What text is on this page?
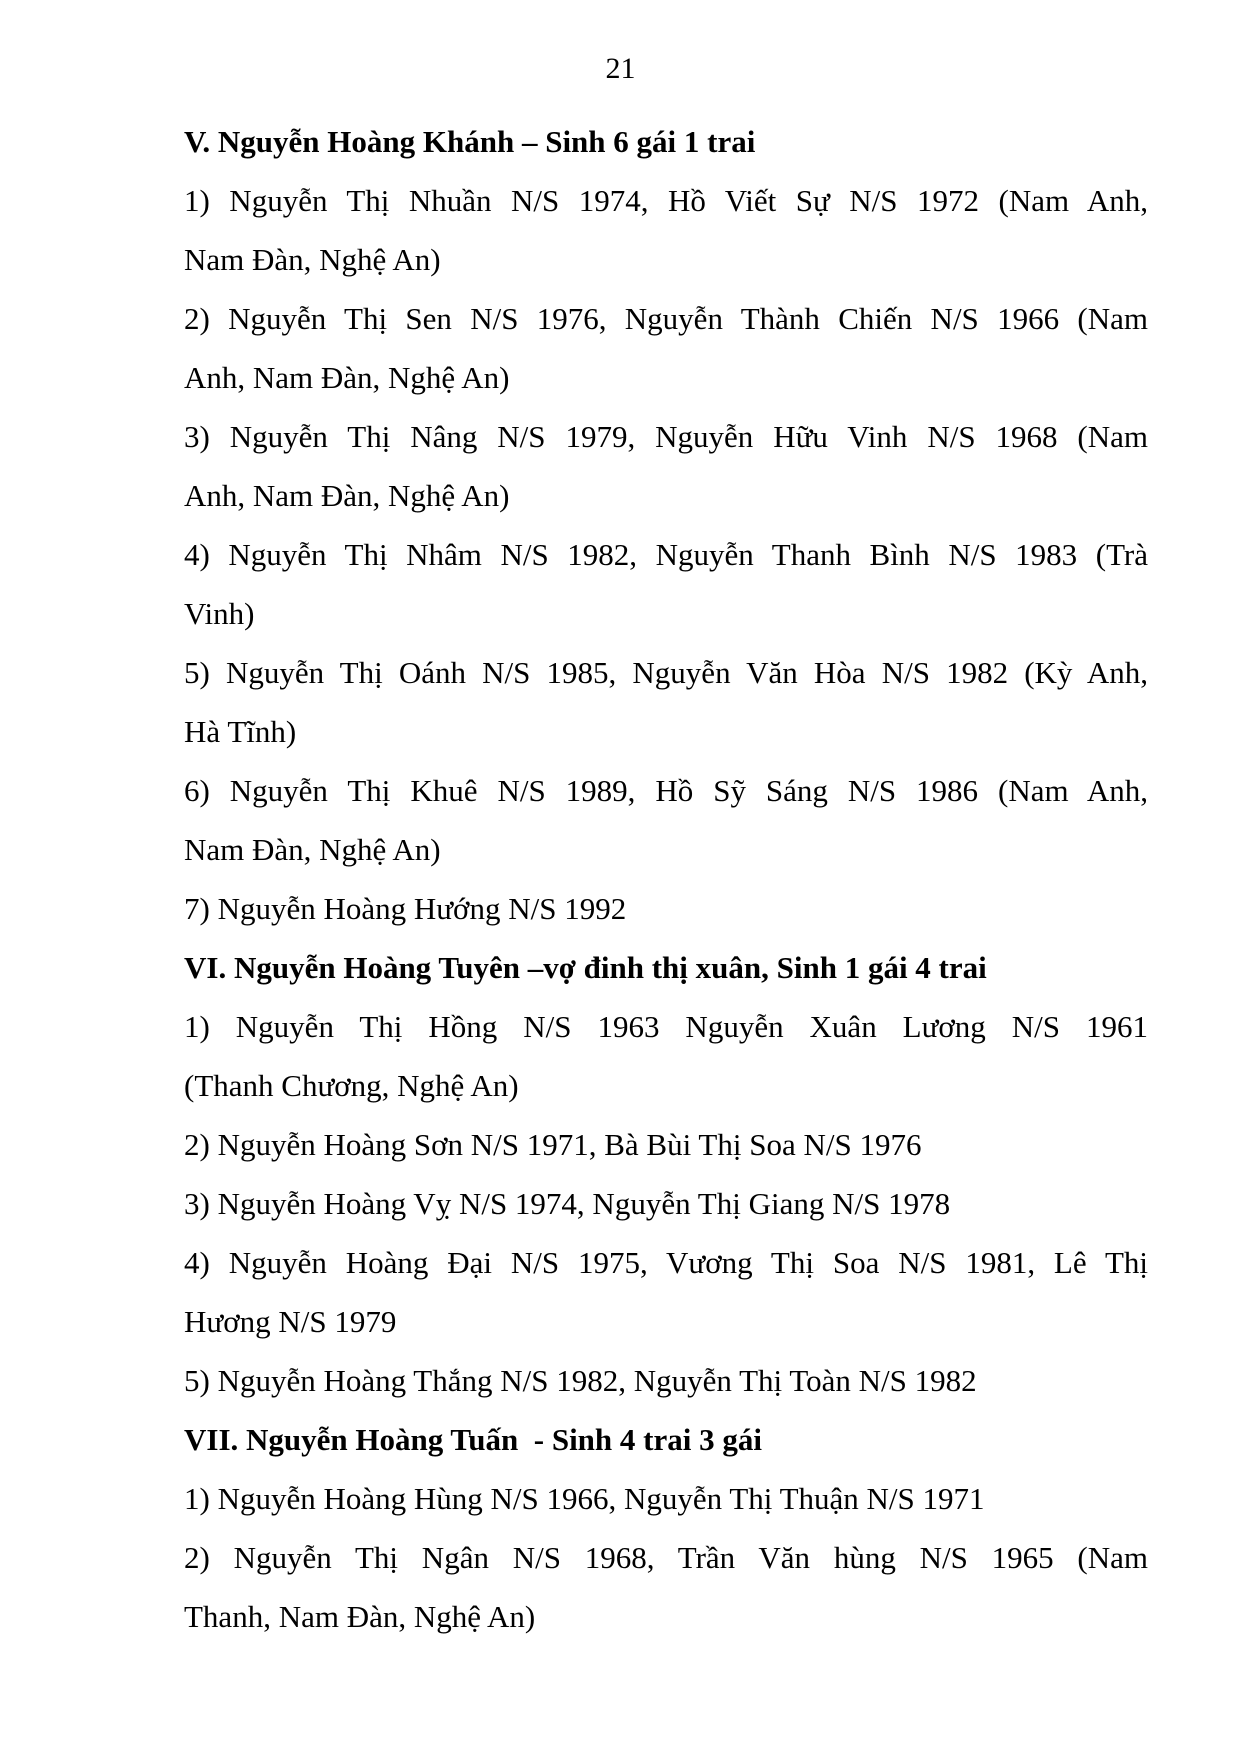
21
V. Nguyễn Hoàng Khánh – Sinh 6 gái 1 trai
1) Nguyễn Thị Nhuần N/S 1974, Hồ Viết Sự N/S 1972 (Nam Anh,
Nam Đàn, Nghệ An)
2) Nguyễn Thị Sen N/S 1976, Nguyễn Thành Chiến N/S 1966 (Nam
Anh, Nam Đàn, Nghệ An)
3) Nguyễn Thị Nâng N/S 1979, Nguyễn Hữu Vinh N/S 1968 (Nam
Anh, Nam Đàn, Nghệ An)
4) Nguyễn Thị Nhâm N/S 1982, Nguyễn Thanh Bình N/S 1983 (Trà
Vinh)
5) Nguyễn Thị Oánh N/S 1985, Nguyễn Văn Hòa N/S 1982 (Kỳ Anh,
Hà Tĩnh)
6) Nguyễn Thị Khuê N/S 1989, Hồ Sỹ Sáng N/S 1986 (Nam Anh,
Nam Đàn, Nghệ An)
7) Nguyễn Hoàng Hướng N/S 1992
VI. Nguyễn Hoàng Tuyên –vợ đinh thị xuân, Sinh 1 gái 4 trai
1) Nguyễn Thị Hồng N/S 1963 Nguyễn Xuân Lương N/S 1961
(Thanh Chương, Nghệ An)
2) Nguyễn Hoàng Sơn N/S 1971, Bà Bùi Thị Soa N/S 1976
3) Nguyễn Hoàng Vỵ N/S 1974, Nguyễn Thị Giang N/S 1978
4) Nguyễn Hoàng Đại N/S 1975, Vương Thị Soa N/S 1981, Lê Thị
Hương N/S 1979
5) Nguyễn Hoàng Thắng N/S 1982, Nguyễn Thị Toàn N/S 1982
VII. Nguyễn Hoàng Tuấn  - Sinh 4 trai 3 gái
1) Nguyễn Hoàng Hùng N/S 1966, Nguyễn Thị Thuận N/S 1971
2) Nguyễn Thị Ngân N/S 1968, Trần Văn hùng N/S 1965 (Nam
Thanh, Nam Đàn, Nghệ An)
